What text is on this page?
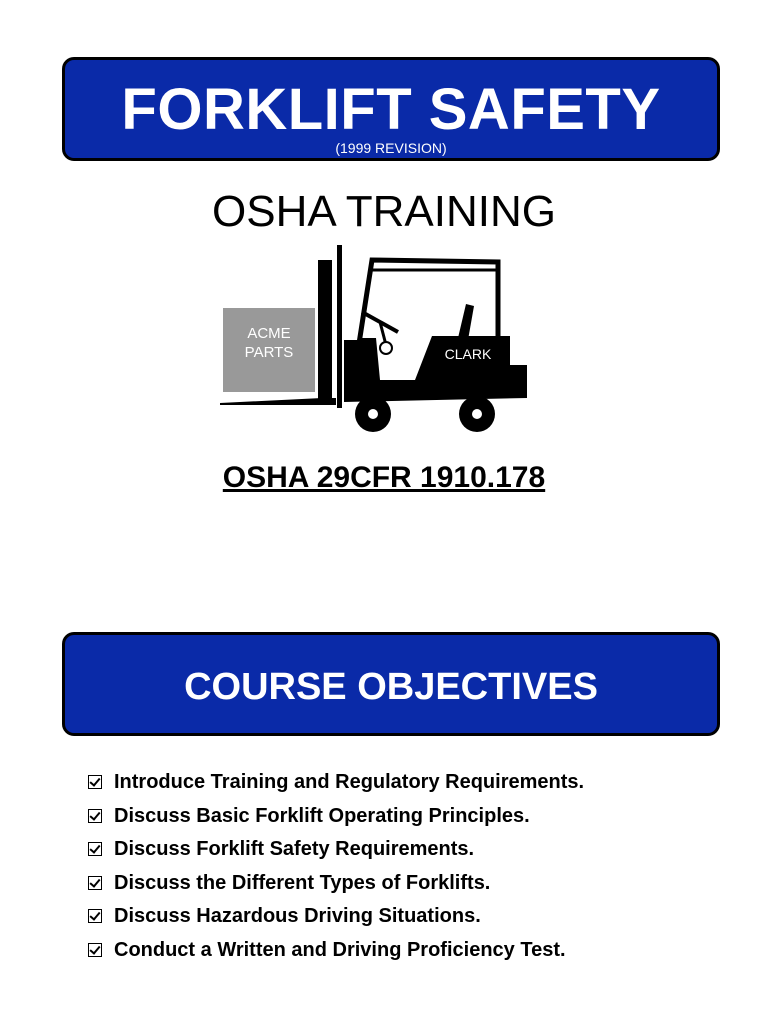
FORKLIFT SAFETY
(1999 REVISION)
OSHA TRAINING
ACME
PARTS	CLARK
OSHA 29CFR 1910.178
COURSE OBJECTIVES
Introduce Training and Regulatory Requirements.
Discuss Basic Forklift Operating Principles.
Discuss Forklift Safety Requirements.
Discuss the Different Types of Forklifts.
Discuss Hazardous Driving Situations.
Conduct a Written and Driving Proficiency Test.
